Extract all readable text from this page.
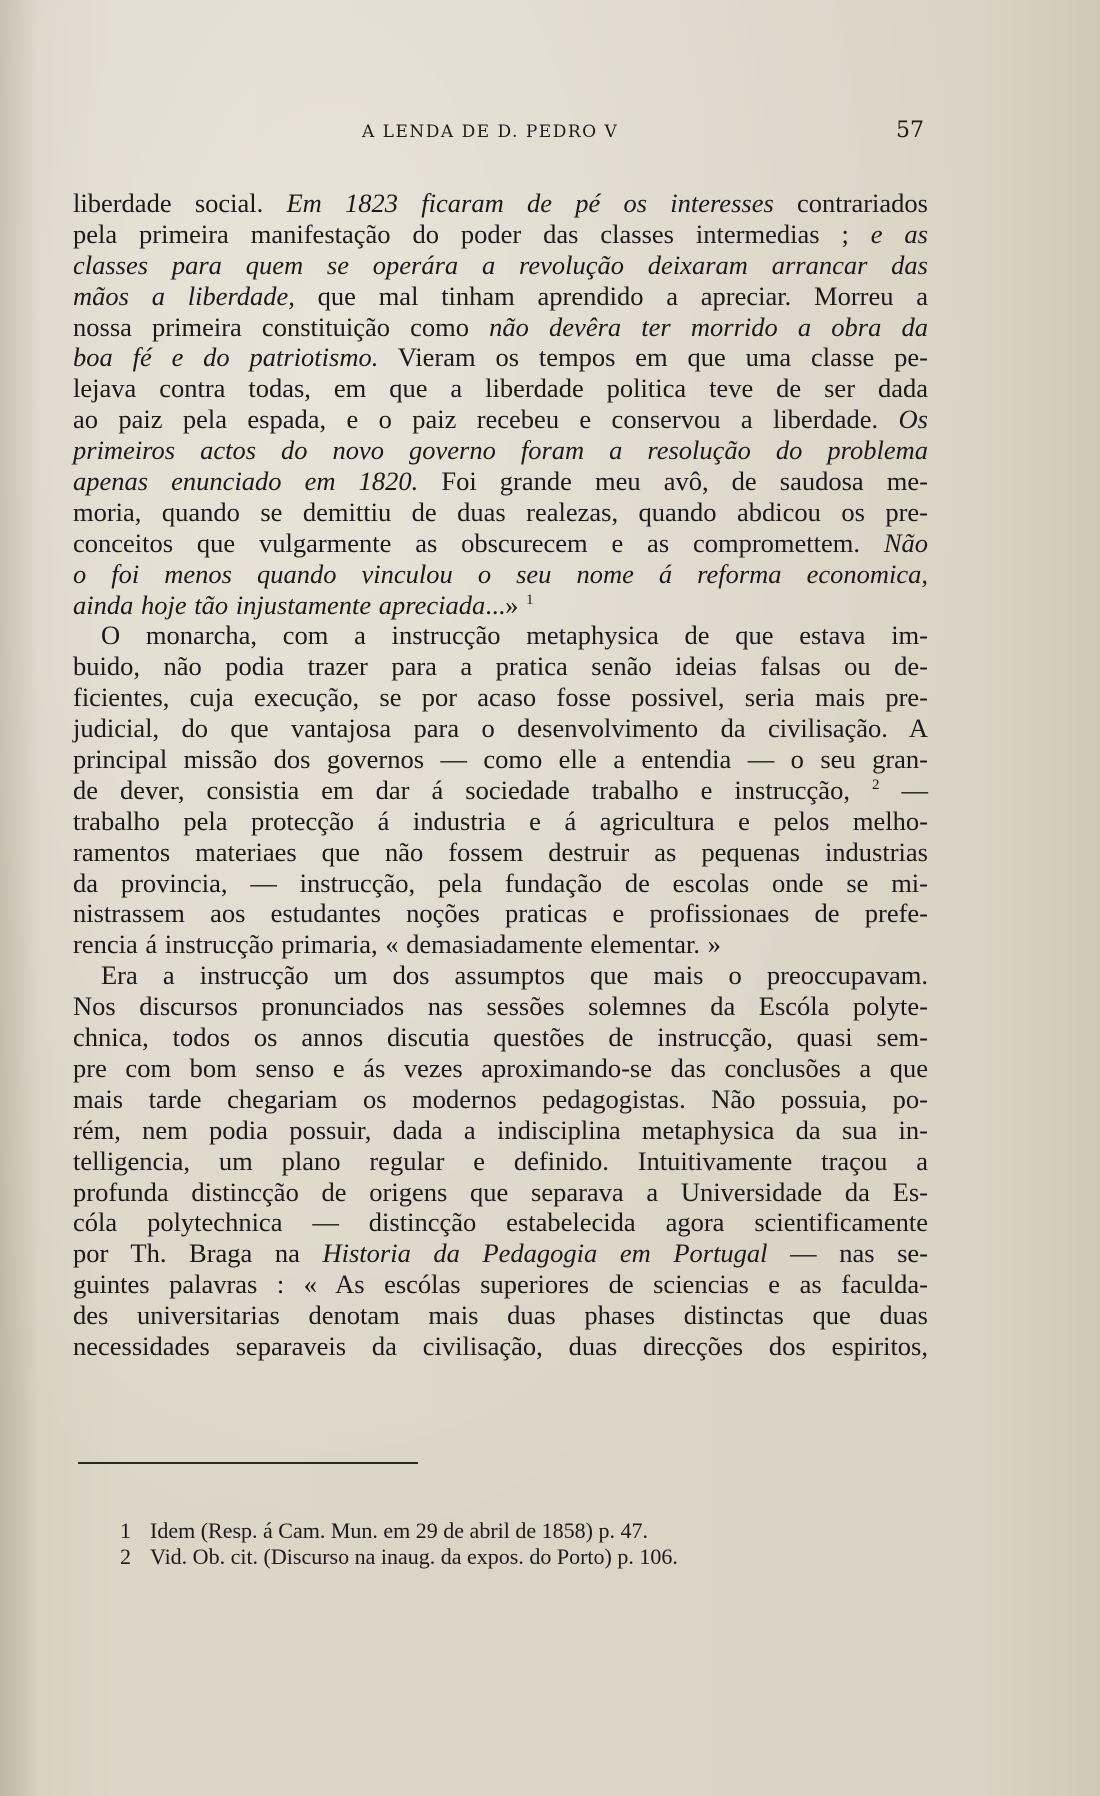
A LENDA DE D. PEDRO V	57
liberdade social. Em 1823 ficaram de pé os interesses contrariados
pela primeira manifestação do poder das classes intermedias ; e as
classes para quem se operára a revolução deixaram arrancar das
mãos a liberdade, que mal tinham aprendido a apreciar. Morreu a
nossa primeira constituição como não devêra ter morrido a obra da
boa fé e do patriotismo. Vieram os tempos em que uma classe pe-
lejava contra todas, em que a liberdade politica teve de ser dada
ao paiz pela espada, e o paiz recebeu e conservou a liberdade. Os
primeiros actos do novo governo foram a resolução do problema
apenas enunciado em 1820. Foi grande meu avô, de saudosa me-
moria, quando se demittiu de duas realezas, quando abdicou os pre-
conceitos que vulgarmente as obscurecem e as compromettem. Não
o foi menos quando vinculou o seu nome á reforma economica,
ainda hoje tão injustamente apreciada...» $^1$
O monarcha, com a instrucção metaphysica de que estava im-
buido, não podia trazer para a pratica senão ideias falsas ou de-
ficientes, cuja execução, se por acaso fosse possivel, seria mais pre-
judicial, do que vantajosa para o desenvolvimento da civilisação. A
principal missão dos governos — como elle a entendia — o seu gran-
de dever, consistia em dar á sociedade trabalho e instrucção, $^2$ —
trabalho pela protecção á industria e á agricultura e pelos melho-
ramentos materiaes que não fossem destruir as pequenas industrias
da provincia, — instrucção, pela fundação de escolas onde se mi-
nistrassem aos estudantes noções praticas e profissionaes de prefe-
rencia á instrucção primaria, « demasiadamente elementar. »
Era a instrucção um dos assumptos que mais o preoccupavam.
Nos discursos pronunciados nas sessões solemnes da Escóla polyte-
chnica, todos os annos discutia questões de instrucção, quasi sem-
pre com bom senso e ás vezes aproximando-se das conclusões a que
mais tarde chegariam os modernos pedagogistas. Não possuia, po-
rém, nem podia possuir, dada a indisciplina metaphysica da sua in-
telligencia, um plano regular e definido. Intuitivamente traçou a
profunda distincção de origens que separava a Universidade da Es-
cóla polytechnica — distincção estabelecida agora scientificamente
por Th. Braga na Historia da Pedagogia em Portugal — nas se-
guintes palavras : « As escólas superiores de sciencias e as faculda-
des universitarias denotam mais duas phases distinctas que duas
necessidades separaveis da civilisação, duas direcções dos espiritos,
1 Idem (Resp. á Cam. Mun. em 29 de abril de 1858) p. 47.
2 Vid. Ob. cit. (Discurso na inaug. da expos. do Porto) p. 106.
